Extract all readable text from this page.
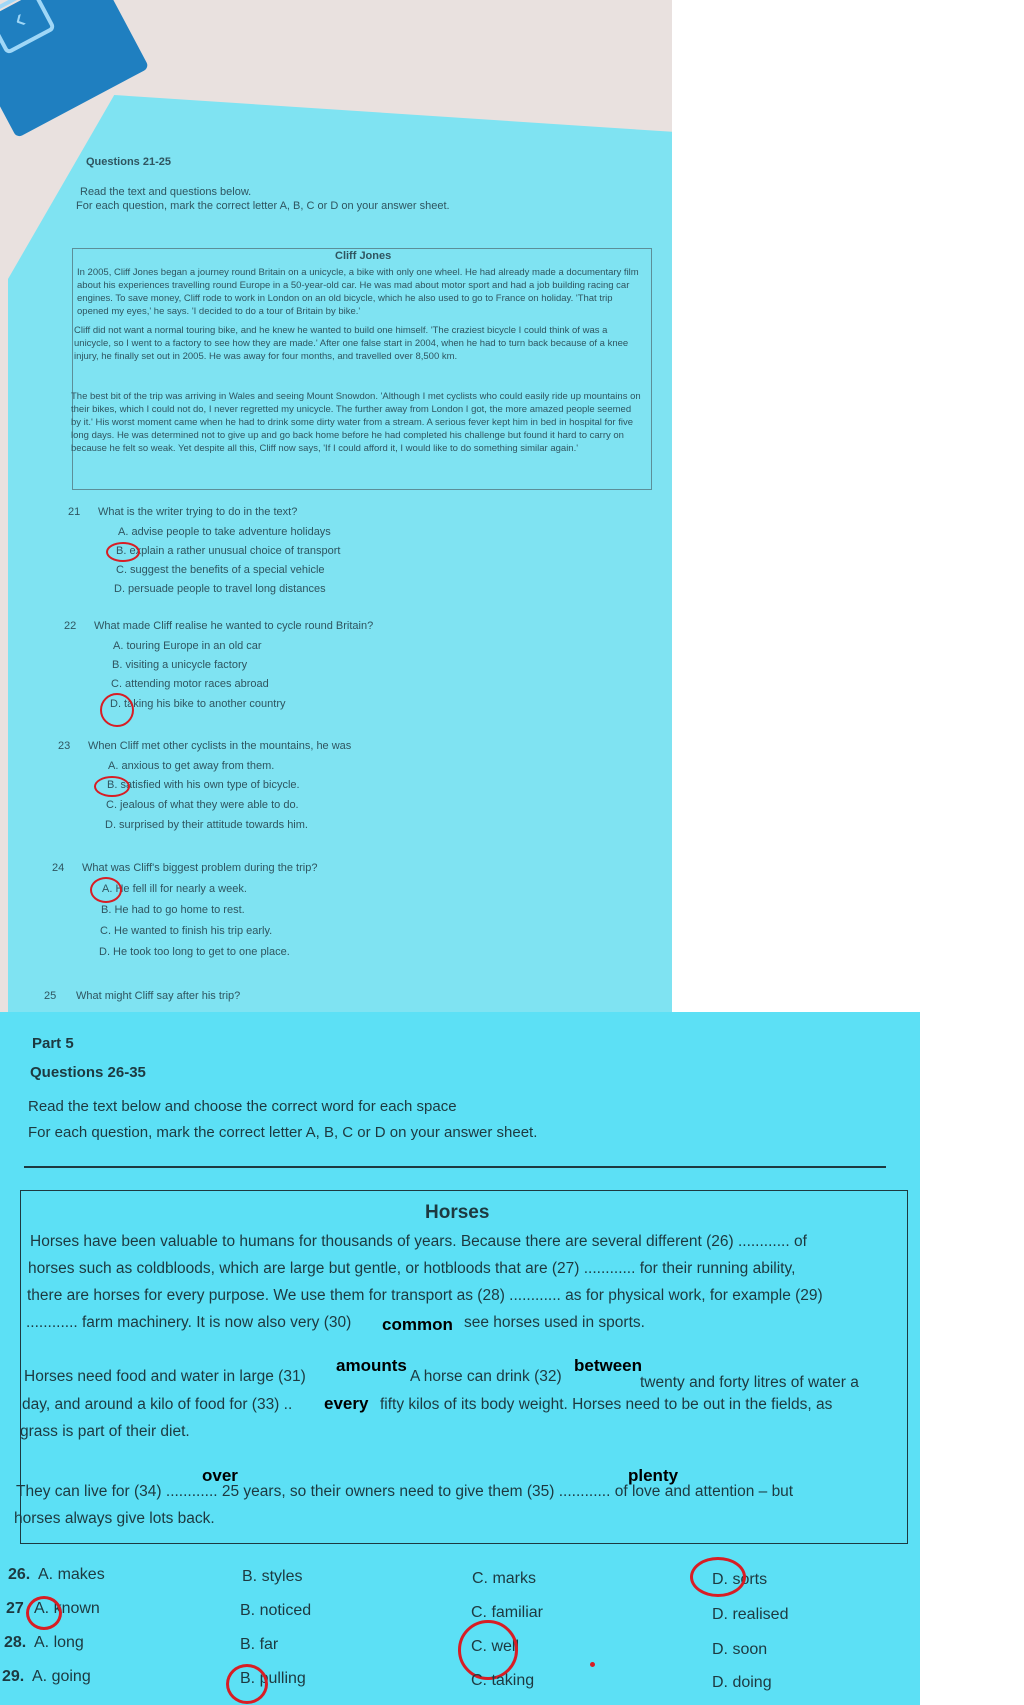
‹
Questions 21-25
Read the text and questions below.
For each question, mark the correct letter A, B, C or D on your answer sheet.
Cliff Jones
In 2005, Cliff Jones began a journey round Britain on a unicycle, a bike with only one wheel. He had already made a documentary film about his experiences travelling round Europe in a 50-year-old car. He was mad about motor sport and had a job building racing car engines. To save money, Cliff rode to work in London on an old bicycle, which he also used to go to France on holiday. 'That trip opened my eyes,' he says. 'I decided to do a tour of Britain by bike.'
Cliff did not want a normal touring bike, and he knew he wanted to build one himself. 'The craziest bicycle I could think of was a unicycle, so I went to a factory to see how they are made.' After one false start in 2004, when he had to turn back because of a knee injury, he finally set out in 2005. He was away for four months, and travelled over 8,500 km.
The best bit of the trip was arriving in Wales and seeing Mount Snowdon. 'Although I met cyclists who could easily ride up mountains on their bikes, which I could not do, I never regretted my unicycle. The further away from London I got, the more amazed people seemed by it.' His worst moment came when he had to drink some dirty water from a stream. A serious fever kept him in bed in hospital for five long days. He was determined not to give up and go back home before he had completed his challenge but found it hard to carry on because he felt so weak. Yet despite all this, Cliff now says, 'If I could afford it, I would like to do something similar again.'
21 What is the writer trying to do in the text?
A. advise people to take adventure holidays
B. explain a rather unusual choice of transport
C. suggest the benefits of a special vehicle
D. persuade people to travel long distances
22 What made Cliff realise he wanted to cycle round Britain?
A. touring Europe in an old car
B. visiting a unicycle factory
C. attending motor races abroad
D. taking his bike to another country
23 When Cliff met other cyclists in the mountains, he was
A. anxious to get away from them.
B. satisfied with his own type of bicycle.
C. jealous of what they were able to do.
D. surprised by their attitude towards him.
24 What was Cliff's biggest problem during the trip?
A. He fell ill for nearly a week.
B. He had to go home to rest.
C. He wanted to finish his trip early.
D. He took too long to get to one place.
25 What might Cliff say after his trip?
Part 5
Questions 26-35
Read the text below and choose the correct word for each space
For each question, mark the correct letter A, B, C or D on your answer sheet.
Horses
Horses have been valuable to humans for thousands of years. Because there are several different (26) ............ of
horses such as coldbloods, which are large but gentle, or hotbloods that are (27) ............ for their running ability,
there are horses for every purpose. We use them for transport as (28) ............ as for physical work, for example (29)
............ farm machinery. It is now also very (30) common see horses used in sports.
Horses need food and water in large (31)
amounts
A horse can drink (32)
between
twenty and forty litres of water a
day, and around a kilo of food for (33) .. every fifty kilos of its body weight. Horses need to be out in the fields, as
grass is part of their diet.
over	plenty
They can live for (34) ............ 25 years, so their owners need to give them (35) ............ of love and attention – but
horses always give lots back.
26. A. makes	B. styles	C. marks	D. sorts
27 A. known	B. noticed	C. familiar	D. realised
28. A. long	B. far	C. well	D. soon
29. A. going	B. pulling	C. taking	D. doing
